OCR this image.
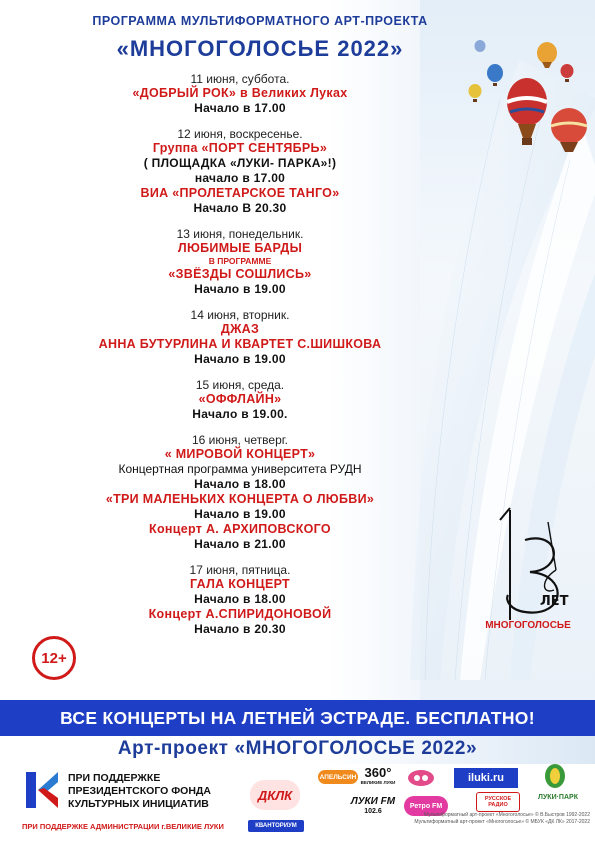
ЛЕТ
МНОГОГОЛОСЬЕ
ПРОГРАММА МУЛЬТИФОРМАТНОГО АРТ-ПРОЕКТА
«МНОГОГОЛОСЬЕ 2022»
11 июня, суббота.
«ДОБРЫЙ РОК» в Великих Луках
Начало в 17.00
12 июня, воскресенье.
Группа «ПОРТ СЕНТЯБРЬ»
( ПЛОЩАДКА «ЛУКИ- ПАРКА»!)
начало в 17.00
ВИА «ПРОЛЕТАРСКОЕ ТАНГО»
Начало В 20.30
13 июня, понедельник.
ЛЮБИМЫЕ БАРДЫ
В ПРОГРАММЕ
«ЗВЁЗДЫ СОШЛИСЬ»
Начало в 19.00
14 июня, вторник.
ДЖАЗ
АННА БУТУРЛИНА И КВАРТЕТ С.ШИШКОВА
Начало в 19.00
15 июня, среда.
«ОФФЛАЙН»
Начало в 19.00.
16 июня, четверг.
« МИРОВОЙ КОНЦЕРТ»
Концертная программа университета РУДН
Начало в 18.00
«ТРИ МАЛЕНЬКИХ КОНЦЕРТА О ЛЮБВИ»
Начало в 19.00
Концерт А. АРХИПОВСКОГО
Начало в 21.00
17 июня, пятница.
ГАЛА КОНЦЕРТ
Начало в 18.00
Концерт А.СПИРИДОНОВОЙ
Начало в 20.30
12+
ВСЕ КОНЦЕРТЫ НА ЛЕТНЕЙ ЭСТРАДЕ. БЕСПЛАТНО!
Арт-проект «МНОГОГОЛОСЬЕ 2022»
ПРИ ПОДДЕРЖКЕ
ПРЕЗИДЕНТСКОГО ФОНДА
КУЛЬТУРНЫХ ИНИЦИАТИВ
ПРИ ПОДДЕРЖКЕ АДМИНИСТРАЦИИ г.ВЕЛИКИЕ ЛУКИ
ДКЛК
КВАНТОРИУМ
АПЕЛЬСИН 360°
ВЕЛИКИЕ ЛУКИ	iluki.ru
ЛУКИ·ПАРК
ЛУКИ FM
102.6
Ретро FM
РУССКОЕ РАДИО
Мультиформатный арт-проект «Многоголосье» © В.Быстров 1992-2022
Мультиформатный арт-проект «Многоголосье» © МБУК «ДК ЛК» 2017-2022
